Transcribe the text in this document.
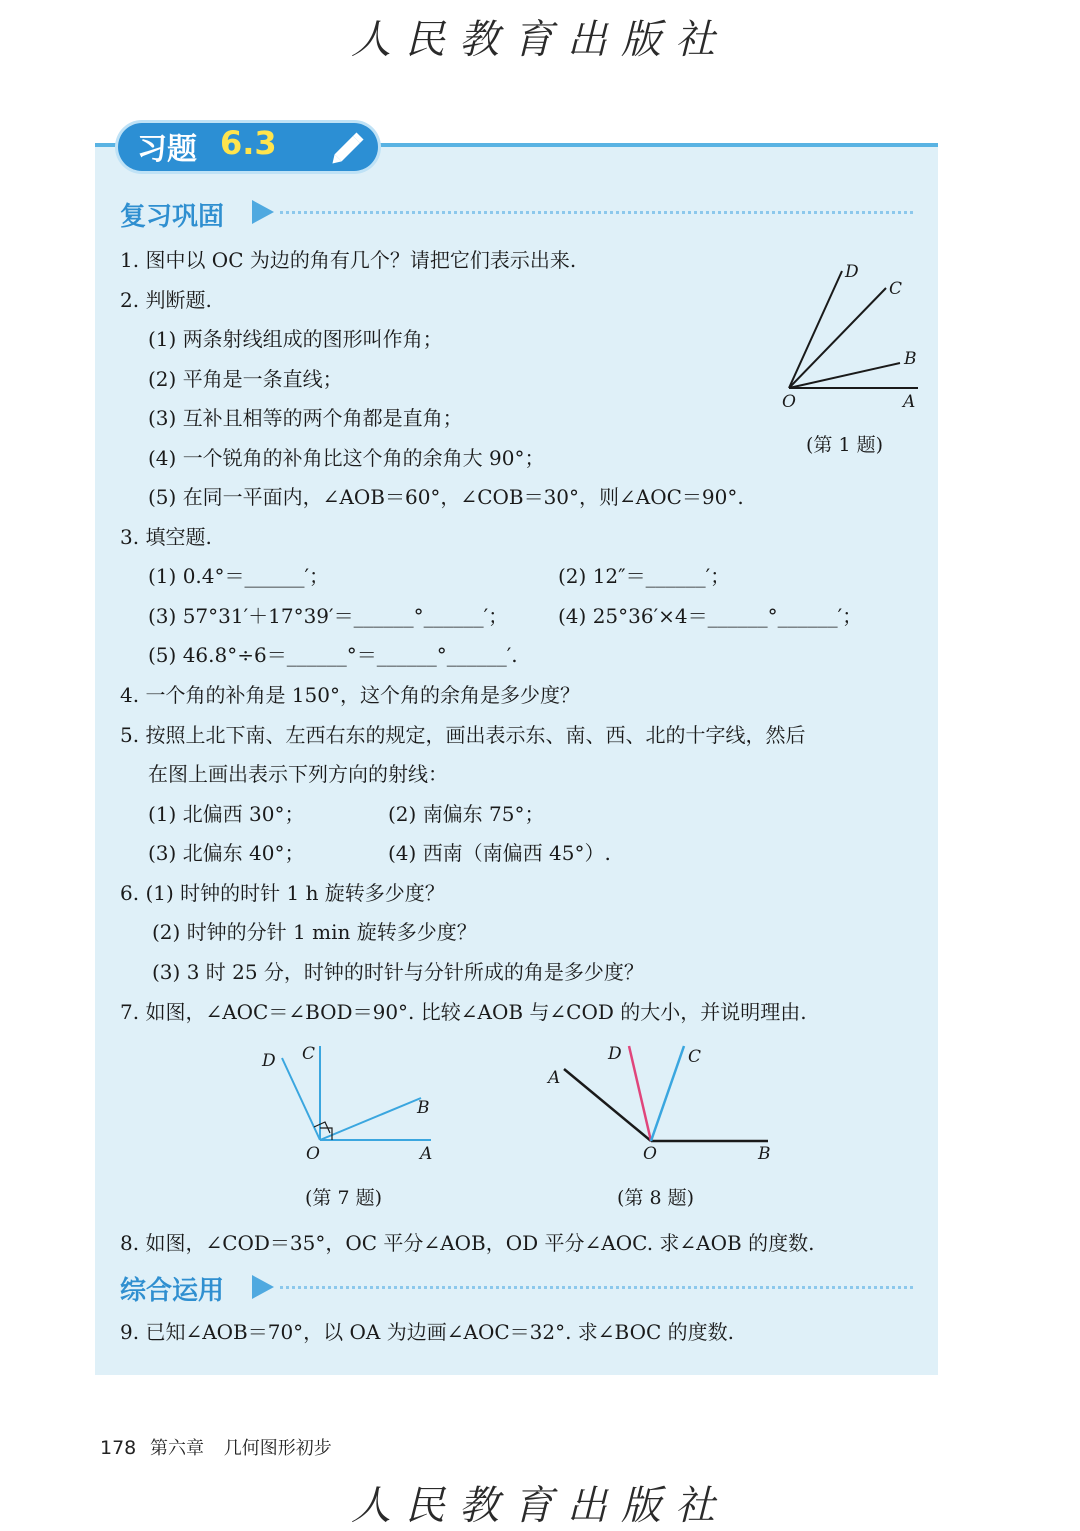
人民教育出版社
习题 6.3
复习巩固
1. 图中以 OC 为边的角有几个？请把它们表示出来.
2. 判断题.
(1) 两条射线组成的图形叫作角；
(2) 平角是一条直线；
(3) 互补且相等的两个角都是直角；
(4) 一个锐角的补角比这个角的余角大 90°；
(5) 在同一平面内，∠AOB＝60°，∠COB＝30°，则∠AOC＝90°.
3. 填空题.
(1) 0.4°＝______′；	(2) 12″＝______′；
(3) 57°31′＋17°39′＝______°______′； (4) 25°36′×4＝______°______′；
(5) 46.8°÷6＝______°＝______°______′.
4. 一个角的补角是 150°，这个角的余角是多少度？
5. 按照上北下南、左西右东的规定，画出表示东、南、西、北的十字线，然后
在图上画出表示下列方向的射线：
(1) 北偏西 30°；	(2) 南偏东 75°；
(3) 北偏东 40°；	(4) 西南（南偏西 45°）.
6. (1) 时钟的时针 1 h 旋转多少度？
(2) 时钟的分针 1 min 旋转多少度？
(3) 3 时 25 分，时钟的时针与分针所成的角是多少度？
7. 如图，∠AOC＝∠BOD＝90°. 比较∠AOB 与∠COD 的大小，并说明理由.
8. 如图，∠COD＝35°，OC 平分∠AOB，OD 平分∠AOC. 求∠AOB 的度数.
综合运用
9. 已知∠AOB＝70°，以 OA 为边画∠AOC＝32°. 求∠BOC 的度数.
D
C
B
O	A
(第 1 题)
D C
B
O	A
(第 7 题)
D	C
A
O	B
(第 8 题)
178 第六章 几何图形初步
人民教育出版社
